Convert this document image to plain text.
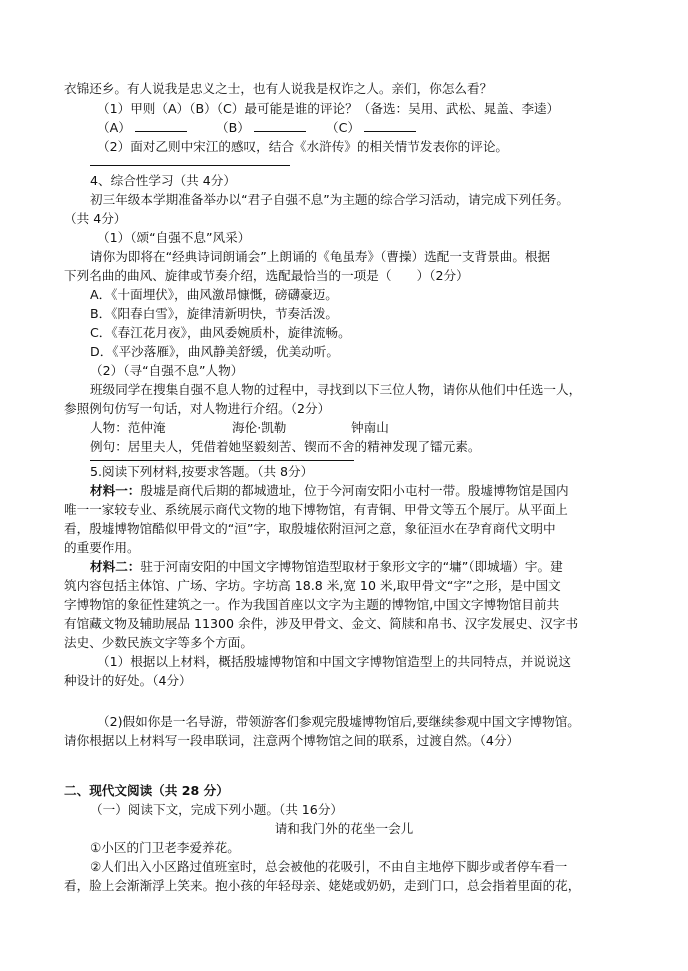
衣锦还乡。有人说我是忠义之士，也有人说我是权诈之人。亲们，你怎么看？
（1）甲则（A）（B）（C）最可能是谁的评论？（备选：吴用、武松、晁盖、李逵）
（A）	（B）	（C）
（2）面对乙则中宋江的感叹，结合《水浒传》的相关情节发表你的评论。
4、综合性学习（共 4分）
初三年级本学期准备举办以“君子自强不息”为主题的综合学习活动，请完成下列任务。
（共 4分）
（1）（颂“自强不息”风采）
请你为即将在“经典诗词朗诵会”上朗诵的《龟虽寿》（曹操）选配一支背景曲。根据
下列名曲的曲风、旋律或节奏介绍，选配最恰当的一项是（　　）（2分）
A．《十面埋伏》，曲风激昂慷慨，磅礴豪迈。
B．《阳春白雪》，旋律清新明快，节奏活泼。
C．《春江花月夜》，曲风委婉质朴，旋律流畅。
D．《平沙落雁》，曲风静美舒缓，优美动听。
（2）（寻“自强不息”人物）
班级同学在搜集自强不息人物的过程中，寻找到以下三位人物，请你从他们中任选一人，
参照例句仿写一句话，对人物进行介绍。（2分）
人物：范仲淹	海伦·凯勒	钟南山
例句：居里夫人，凭借着她坚毅刻苦、锲而不舍的精神发现了镭元素。
5.阅读下列材料,按要求答题。（共 8分）
材料一：殷墟是商代后期的都城遗址，位于今河南安阳小屯村一带。殷墟博物馆是国内
唯一一家较专业、系统展示商代文物的地下博物馆，有青铜、甲骨文等五个展厅。从平面上
看，殷墟博物馆酷似甲骨文的“洹”字，取殷墟依附洹河之意，象征洹水在孕育商代文明中
的重要作用。
材料二：驻于河南安阳的中国文字博物馆造型取材于象形文字的“墉”（即城墙）宇。建
筑内容包括主体馆、广场、字坊。字坊高 18.8 米,宽 10 米,取甲骨文“字”之形，是中国文
字博物馆的象征性建筑之一。作为我国首座以文字为主题的博物馆,中国文字博物馆目前共
有馆藏文物及辅助展品 11300 余件，涉及甲骨文、金文、简牍和帛书、汉字发展史、汉字书
法史、少数民族文字等多个方面。
（1）根据以上材料，概括殷墟博物馆和中国文字博物馆造型上的共同特点，并说说这
种设计的好处。（4分）
（2)假如你是一名导游，带领游客们参观完殷墟博物馆后,要继续参观中国文字博物馆。
请你根据以上材料写一段串联词，注意两个博物馆之间的联系，过渡自然。（4分）
二、现代文阅读（共 28 分）
（一）阅读下文，完成下列小题。（共 16分）
请和我门外的花坐一会儿
①小区的门卫老李爱养花。
②人们出入小区路过值班室时，总会被他的花吸引，不由自主地停下脚步或者停车看一
看，脸上会渐渐浮上笑来。抱小孩的年轻母亲、姥姥或奶奶，走到门口，总会指着里面的花，
